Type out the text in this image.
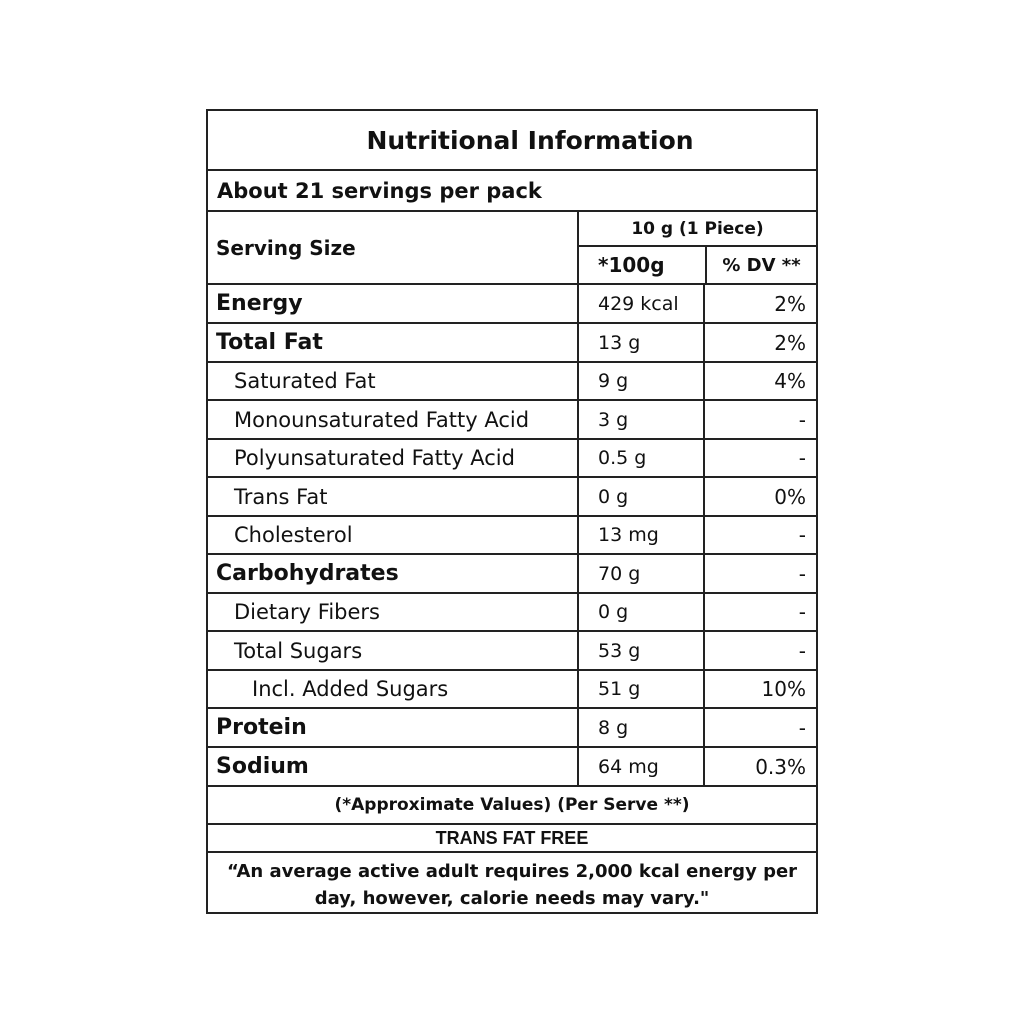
Nutritional Information
About 21 servings per pack
Serving Size
10 g (1 Piece)
*100g	% DV **
Energy	429 kcal	2%
Total Fat	13 g	2%
Saturated Fat	9 g	4%
Monounsaturated Fatty Acid	3 g	-
Polyunsaturated Fatty Acid	0.5 g	-
Trans Fat	0 g	0%
Cholesterol	13 mg	-
Carbohydrates	70 g	-
Dietary Fibers	0 g	-
Total Sugars	53 g	-
Incl. Added Sugars	51 g	10%
Protein	8 g	-
Sodium	64 mg	0.3%
(*Approximate Values) (Per Serve **)
TRANS FAT FREE
“An average active adult requires 2,000 kcal energy per day, however, calorie needs may vary."
